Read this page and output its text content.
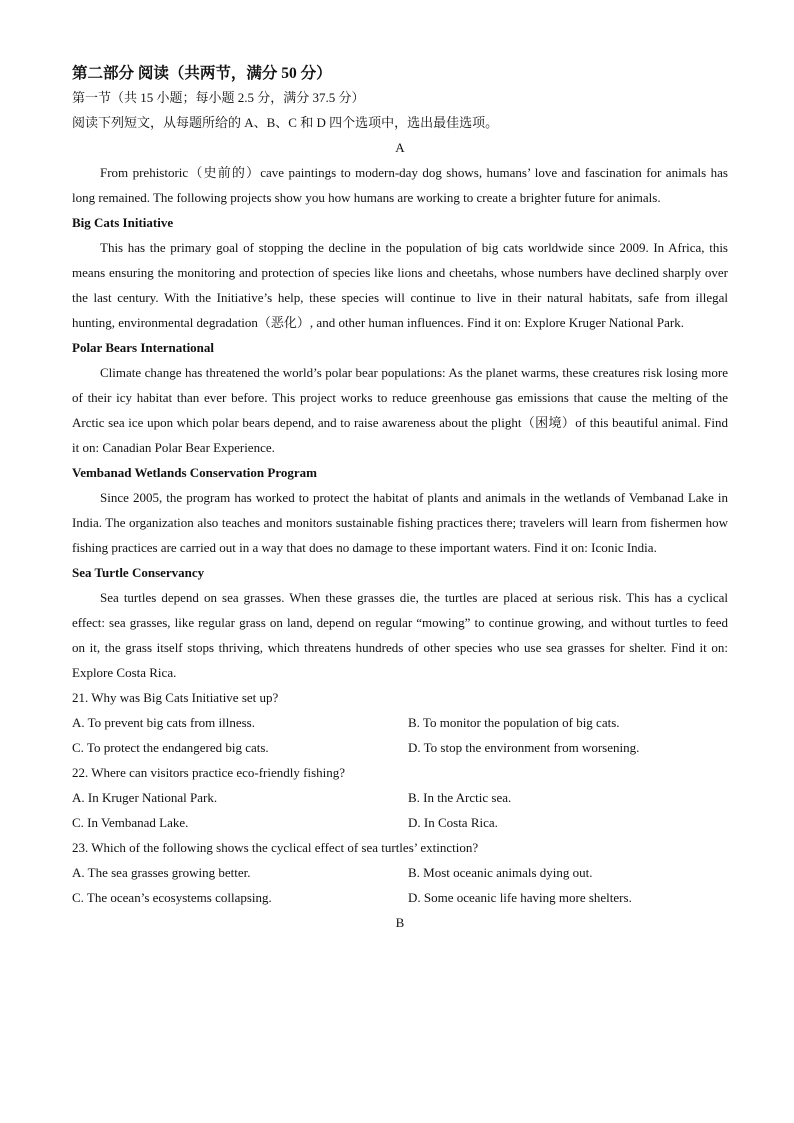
第二部分 阅读（共两节，满分 50 分）

第一节（共 15 小题；每小题 2.5 分，满分 37.5 分）

阅读下列短文，从每题所给的 A、B、C 和 D 四个选项中，选出最佳选项。

A

From prehistoric（史前的）cave paintings to modern-day dog shows, humans’ love and fascination for animals has long remained. The following projects show you how humans are working to create a brighter future for animals.

Big Cats Initiative

This has the primary goal of stopping the decline in the population of big cats worldwide since 2009. In Africa, this means ensuring the monitoring and protection of species like lions and cheetahs, whose numbers have declined sharply over the last century. With the Initiative’s help, these species will continue to live in their natural habitats, safe from illegal hunting, environmental degradation（恶化）, and other human influences. Find it on: Explore Kruger National Park.

Polar Bears International

Climate change has threatened the world’s polar bear populations: As the planet warms, these creatures risk losing more of their icy habitat than ever before. This project works to reduce greenhouse gas emissions that cause the melting of the Arctic sea ice upon which polar bears depend, and to raise awareness about the plight（困境）of this beautiful animal. Find it on: Canadian Polar Bear Experience.

Vembanad Wetlands Conservation Program

Since 2005, the program has worked to protect the habitat of plants and animals in the wetlands of Vembanad Lake in India. The organization also teaches and monitors sustainable fishing practices there; travelers will learn from fishermen how fishing practices are carried out in a way that does no damage to these important waters. Find it on: Iconic India.

Sea Turtle Conservancy

Sea turtles depend on sea grasses. When these grasses die, the turtles are placed at serious risk. This has a cyclical effect: sea grasses, like regular grass on land, depend on regular “mowing” to continue growing, and without turtles to feed on it, the grass itself stops thriving, which threatens hundreds of other species who use sea grasses for shelter. Find it on: Explore Costa Rica.

21. Why was Big Cats Initiative set up?

A. To prevent big cats from illness.	B. To monitor the population of big cats.
C. To protect the endangered big cats.	D. To stop the environment from worsening.

22. Where can visitors practice eco-friendly fishing?

A. In Kruger National Park.	B. In the Arctic sea.
C. In Vembanad Lake.	D. In Costa Rica.

23. Which of the following shows the cyclical effect of sea turtles’ extinction?

A. The sea grasses growing better.	B. Most oceanic animals dying out.
C. The ocean’s ecosystems collapsing.	D. Some oceanic life having more shelters.

B
